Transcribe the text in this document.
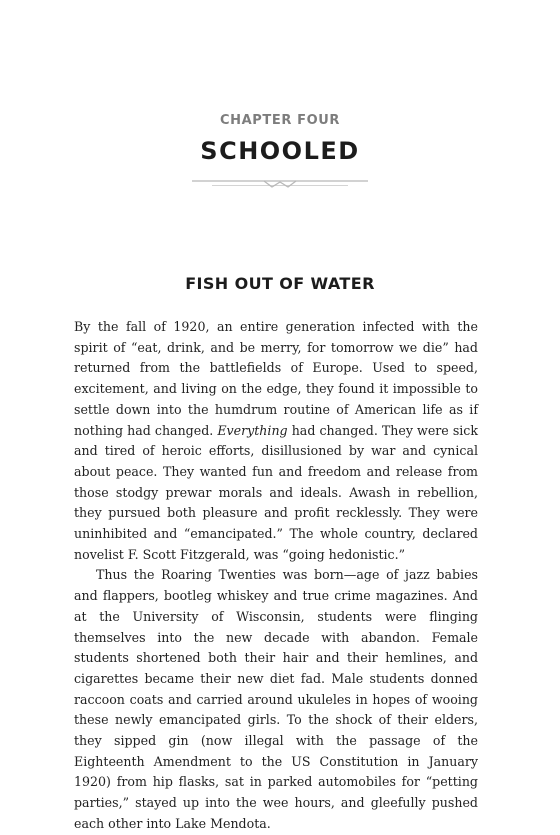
CHAPTER FOUR
SCHOOLED
FISH OUT OF WATER

By the fall of 1920, an entire generation infected with the spirit of “eat, drink, and be merry, for tomorrow we die” had returned from the battlefields of Europe. Used to speed, excitement, and living on the edge, they found it impossible to settle down into the humdrum routine of American life as if nothing had changed. Everything had changed. They were sick and tired of heroic efforts, disillusioned by war and cynical about peace. They wanted fun and freedom and release from those stodgy prewar morals and ideals. Awash in rebellion, they pursued both pleasure and profit recklessly. They were uninhibited and “emancipated.” The whole country, declared novelist F. Scott Fitzgerald, was “going hedonistic.”

Thus the Roaring Twenties was born—age of jazz babies and flappers, bootleg whiskey and true crime magazines. And at the University of Wisconsin, students were flinging themselves into the new decade with abandon. Female students shortened both their hair and their hemlines, and cigarettes became their new diet fad. Male students donned raccoon coats and carried around ukuleles in hopes of wooing these newly emancipated girls. To the shock of their elders, they sipped gin (now illegal with the passage of the Eighteenth Amendment to the US Constitution in January 1920) from hip flasks, sat in parked automobiles for “petting parties,” stayed up into the wee hours, and gleefully pushed each other into Lake Mendota.
